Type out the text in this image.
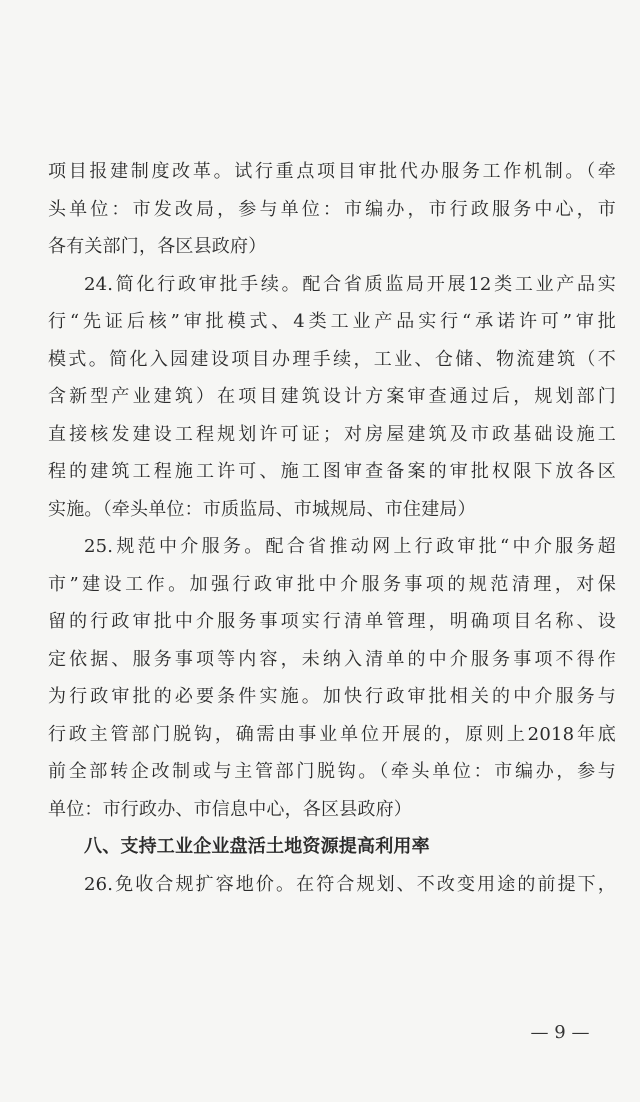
项目报建制度改革。试行重点项目审批代办服务工作机制。（牵
头单位：市发改局，参与单位：市编办，市行政服务中心，市
各有关部门，各区县政府）
24.简化行政审批手续。配合省质监局开展12类工业产品实
行“先证后核”审批模式、4类工业产品实行“承诺许可”审批
模式。简化入园建设项目办理手续，工业、仓储、物流建筑（不
含新型产业建筑）在项目建筑设计方案审查通过后，规划部门
直接核发建设工程规划许可证；对房屋建筑及市政基础设施工
程的建筑工程施工许可、施工图审查备案的审批权限下放各区
实施。（牵头单位：市质监局、市城规局、市住建局）
25.规范中介服务。配合省推动网上行政审批“中介服务超
市”建设工作。加强行政审批中介服务事项的规范清理，对保
留的行政审批中介服务事项实行清单管理，明确项目名称、设
定依据、服务事项等内容，未纳入清单的中介服务事项不得作
为行政审批的必要条件实施。加快行政审批相关的中介服务与
行政主管部门脱钩，确需由事业单位开展的，原则上2018年底
前全部转企改制或与主管部门脱钩。（牵头单位：市编办，参与
单位：市行政办、市信息中心，各区县政府）
八、支持工业企业盘活土地资源提高利用率
26.免收合规扩容地价。在符合规划、不改变用途的前提下，
— 9 —
